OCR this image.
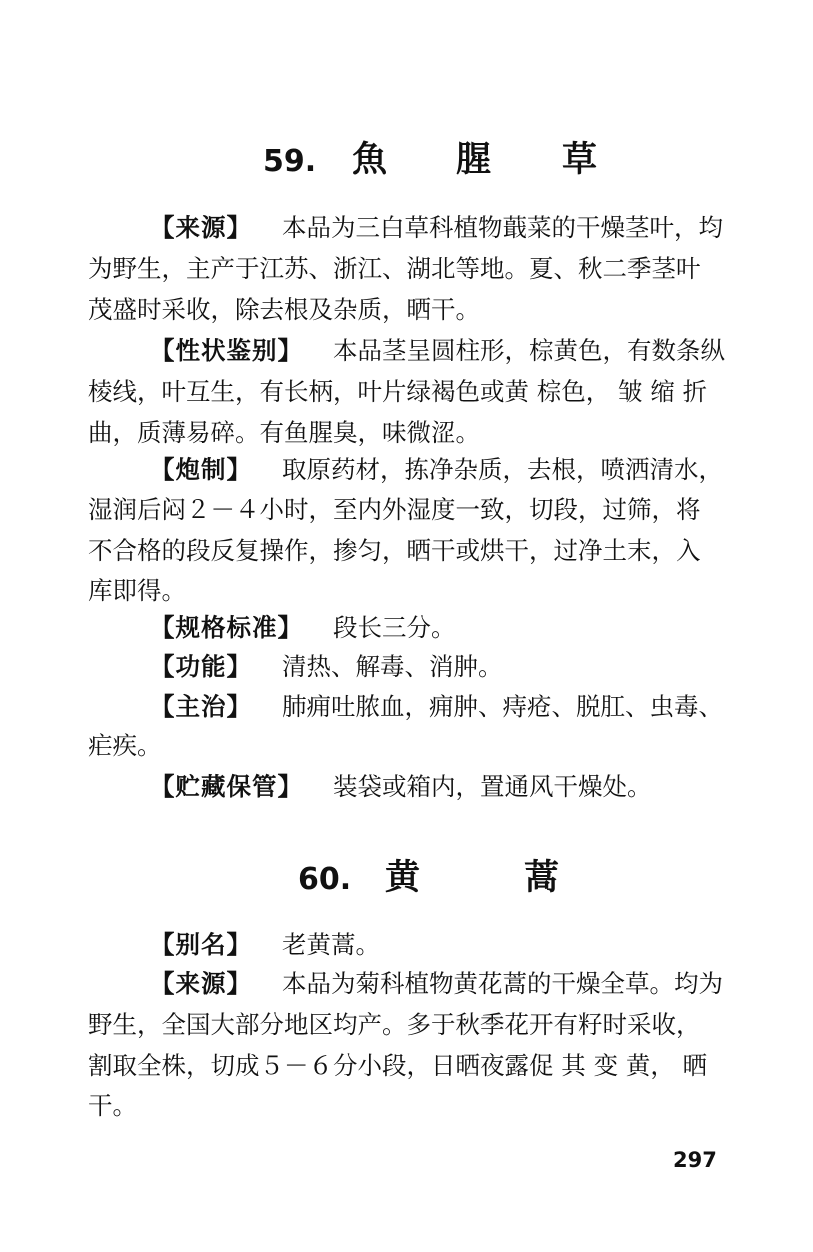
59. 魚 腥 草
【来源】 本品为三白草科植物蕺菜的干燥茎叶，均
为野生，主产于江苏、浙江、湖北等地。夏、秋二季茎叶
茂盛时采收，除去根及杂质，晒干。
【性状鉴别】 本品茎呈圆柱形，棕黄色，有数条纵
棱线，叶互生，有长柄，叶片绿褐色或黄 棕色， 皱 缩 折
曲，质薄易碎。有鱼腥臭，味微涩。
【炮制】 取原药材，拣净杂质，去根，喷洒清水，
湿润后闷２－４小时，至内外湿度一致，切段，过筛，将
不合格的段反复操作，掺匀，晒干或烘干，过净土末，入
库即得。
【规格标准】 段长三分。
【功能】 清热、解毒、消肿。
【主治】 肺痈吐脓血，痈肿、痔疮、脱肛、虫毒、
疟疾。
【贮藏保管】 装袋或箱内，置通风干燥处。
60. 黄	蒿
【别名】 老黄蒿。
【来源】 本品为菊科植物黄花蒿的干燥全草。均为
野生，全国大部分地区均产。多于秋季花开有籽时采收，
割取全株，切成５－６分小段，日晒夜露促 其 变 黄， 晒
干。
297
